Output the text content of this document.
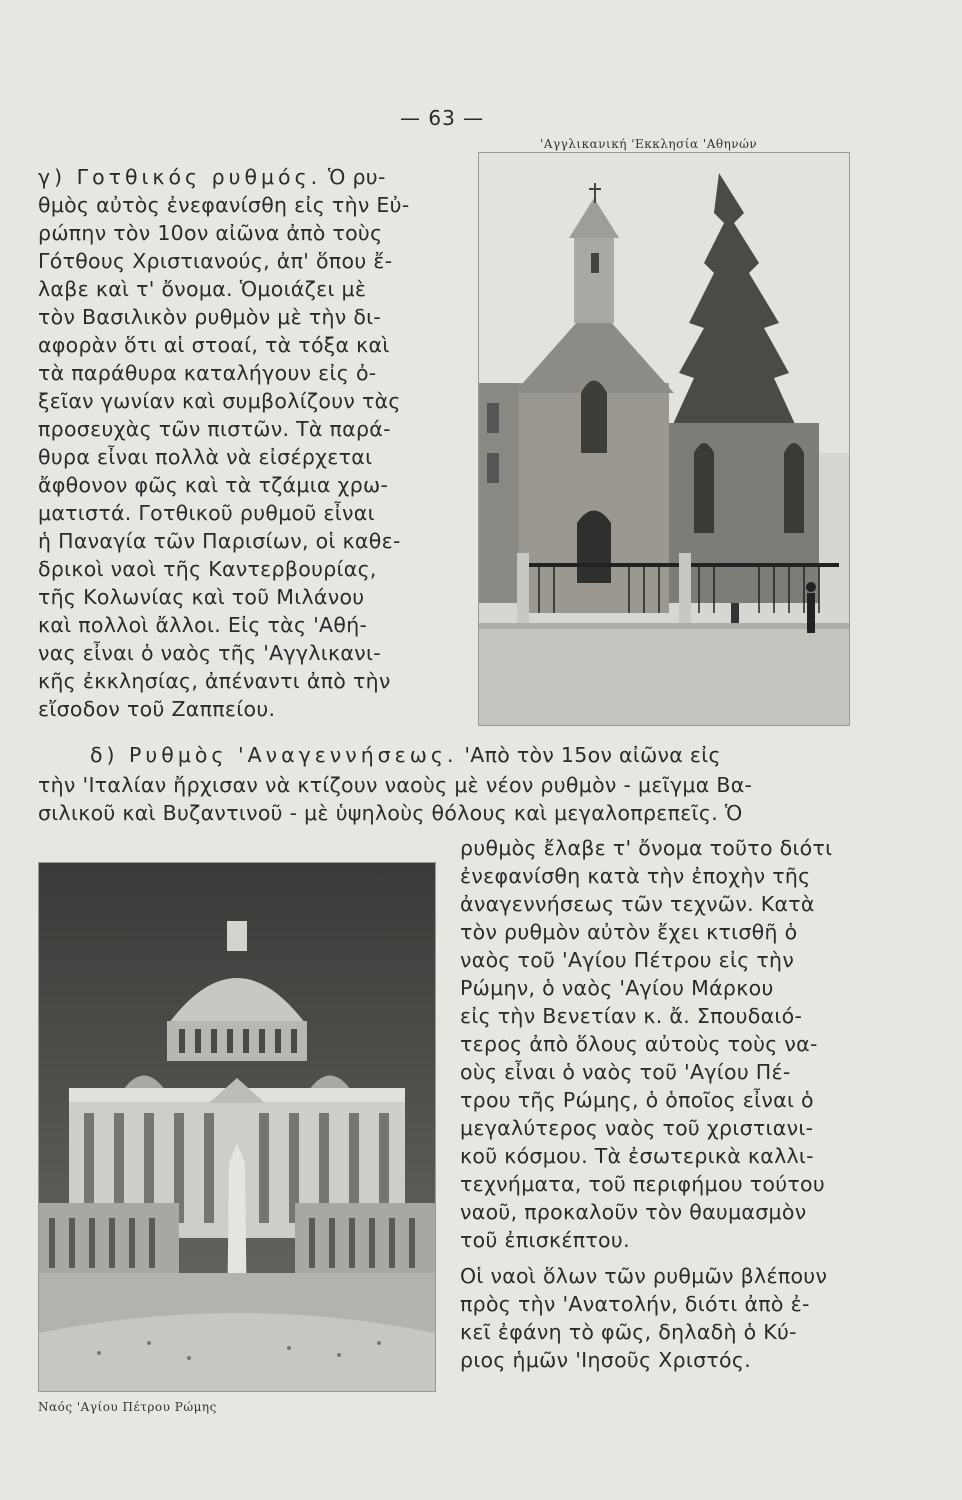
— 63 —
'Αγγλικανική 'Εκκλησία 'Αθηνών
γ) Γοτθικός ρυθμός. Ὁ ρυ-
θμὸς αὐτὸς ἐνεφανίσθη εἰς τὴν Εὐ-
ρώπην τὸν 10ον αἰῶνα ἀπὸ τοὺς
Γότθους Χριστιανούς, ἀπ' ὅπου ἔ-
λαβε καὶ τ' ὄνομα. Ὁμοιάζει μὲ
τὸν Βασιλικὸν ρυθμὸν μὲ τὴν δι-
αφορὰν ὅτι αἱ στοαί, τὰ τόξα καὶ
τὰ παράθυρα καταλήγουν εἰς ὀ-
ξεῖαν γωνίαν καὶ συμβολίζουν τὰς
προσευχὰς τῶν πιστῶν. Τὰ παρά-
θυρα εἶναι πολλὰ νὰ εἰσέρχεται
ἄφθονον φῶς καὶ τὰ τζάμια χρω-
ματιστά. Γοτθικοῦ ρυθμοῦ εἶναι
ἡ Παναγία τῶν Παρισίων, οἱ καθε-
δρικοὶ ναοὶ τῆς Καντερβουρίας,
τῆς Κολωνίας καὶ τοῦ Μιλάνου
καὶ πολλοὶ ἄλλοι. Εἰς τὰς 'Αθή-
νας εἶναι ὁ ναὸς τῆς 'Αγγλικανι-
κῆς ἐκκλησίας, ἀπέναντι ἀπὸ τὴν
εἴσοδον τοῦ Ζαππείου.
δ) Ρυθμὸς 'Αναγεννήσεως. 'Απὸ τὸν 15ον αἰῶνα εἰς
τὴν 'Ιταλίαν ἤρχισαν νὰ κτίζουν ναοὺς μὲ νέον ρυθμὸν - μεῖγμα Βα-
σιλικοῦ καὶ Βυζαντινοῦ - μὲ ὑψηλοὺς θόλους καὶ μεγαλοπρεπεῖς. Ὁ
Ναός 'Αγίου Πέτρου Ρώμης
ρυθμὸς ἔλαβε τ' ὄνομα τοῦτο διότι
ἐνεφανίσθη κατὰ τὴν ἐποχὴν τῆς
ἀναγεννήσεως τῶν τεχνῶν. Κατὰ
τὸν ρυθμὸν αὐτὸν ἔχει κτισθῆ ὁ
ναὸς τοῦ 'Αγίου Πέτρου εἰς τὴν
Ρώμην, ὁ ναὸς 'Αγίου Μάρκου
εἰς τὴν Βενετίαν κ. ἄ. Σπουδαιό-
τερος ἀπὸ ὅλους αὐτοὺς τοὺς να-
οὺς εἶναι ὁ ναὸς τοῦ 'Αγίου Πέ-
τρου τῆς Ρώμης, ὁ ὁποῖος εἶναι ὁ
μεγαλύτερος ναὸς τοῦ χριστιανι-
κοῦ κόσμου. Τὰ ἐσωτερικὰ καλλι-
τεχνήματα, τοῦ περιφήμου τούτου
ναοῦ, προκαλοῦν τὸν θαυμασμὸν
τοῦ ἐπισκέπτου.
Οἱ ναοὶ ὅλων τῶν ρυθμῶν βλέπουν
πρὸς τὴν 'Ανατολήν, διότι ἀπὸ ἐ-
κεῖ ἐφάνη τὸ φῶς, δηλαδὴ ὁ Κύ-
ριος ἡμῶν 'Ιησοῦς Χριστός.
